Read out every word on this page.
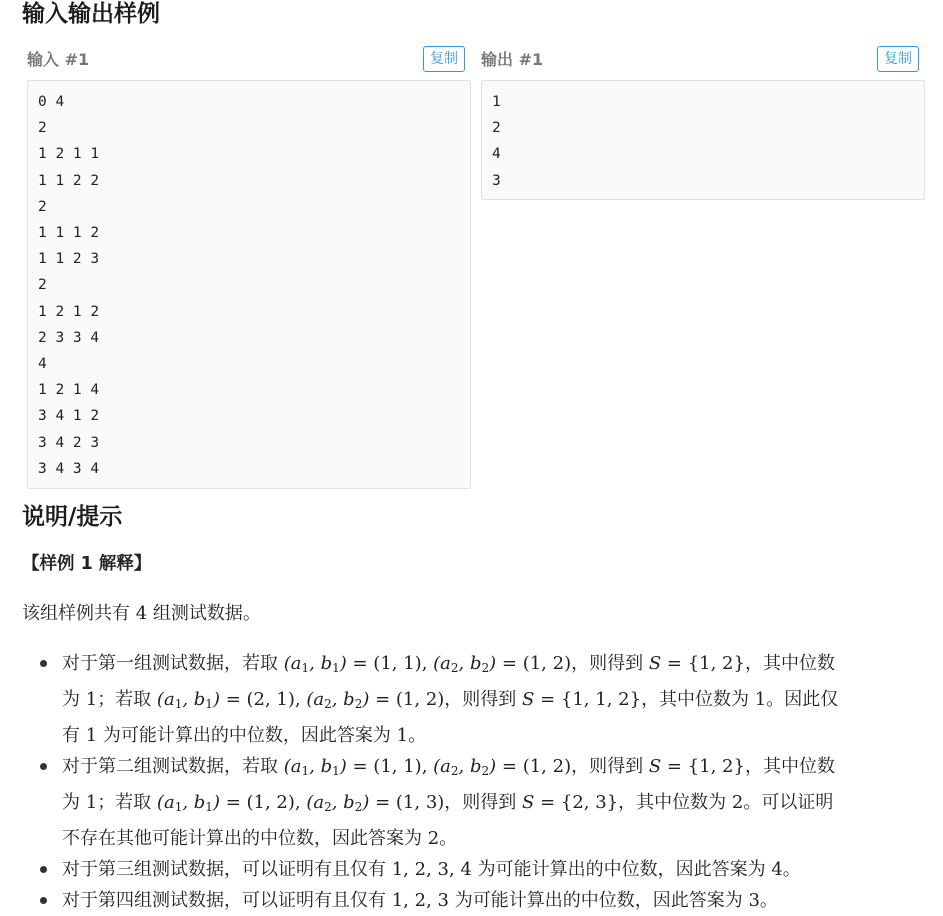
输入输出样例
输入 #1	复制
0 4
2
1 2 1 1
1 1 2 2
2
1 1 1 2
1 1 2 3
2
1 2 1 2
2 3 3 4
4
1 2 1 4
3 4 1 2
3 4 2 3
3 4 3 4
输出 #1	复制
1
2
4
3
说明/提示
【样例 1 解释】
该组样例共有 4 组测试数据。
对于第一组测试数据，若取 ($a_1$, $b_1) = (1$, 1), ($a_2$, $b_2) = (1$, 2)，则得到 S = {1, 2}，其中位数
为 1；若取 ($a_1$, $b_1) = (2$, 1), ($a_2$, $b_2) = (1$, 2)，则得到 S = {1, 1, 2}，其中位数为 1。因此仅
有 1 为可能计算出的中位数，因此答案为 1。
对于第二组测试数据，若取 ($a_1$, $b_1) = (1$, 1), ($a_2$, $b_2) = (1$, 2)，则得到 S = {1, 2}，其中位数
为 1；若取 ($a_1$, $b_1) = (1$, 2), ($a_2$, $b_2) = (1$, 3)，则得到 S = {2, 3}，其中位数为 2。可以证明
不存在其他可能计算出的中位数，因此答案为 2。
对于第三组测试数据，可以证明有且仅有 1, 2, 3, 4 为可能计算出的中位数，因此答案为 4。
对于第四组测试数据，可以证明有且仅有 1, 2, 3 为可能计算出的中位数，因此答案为 3。
